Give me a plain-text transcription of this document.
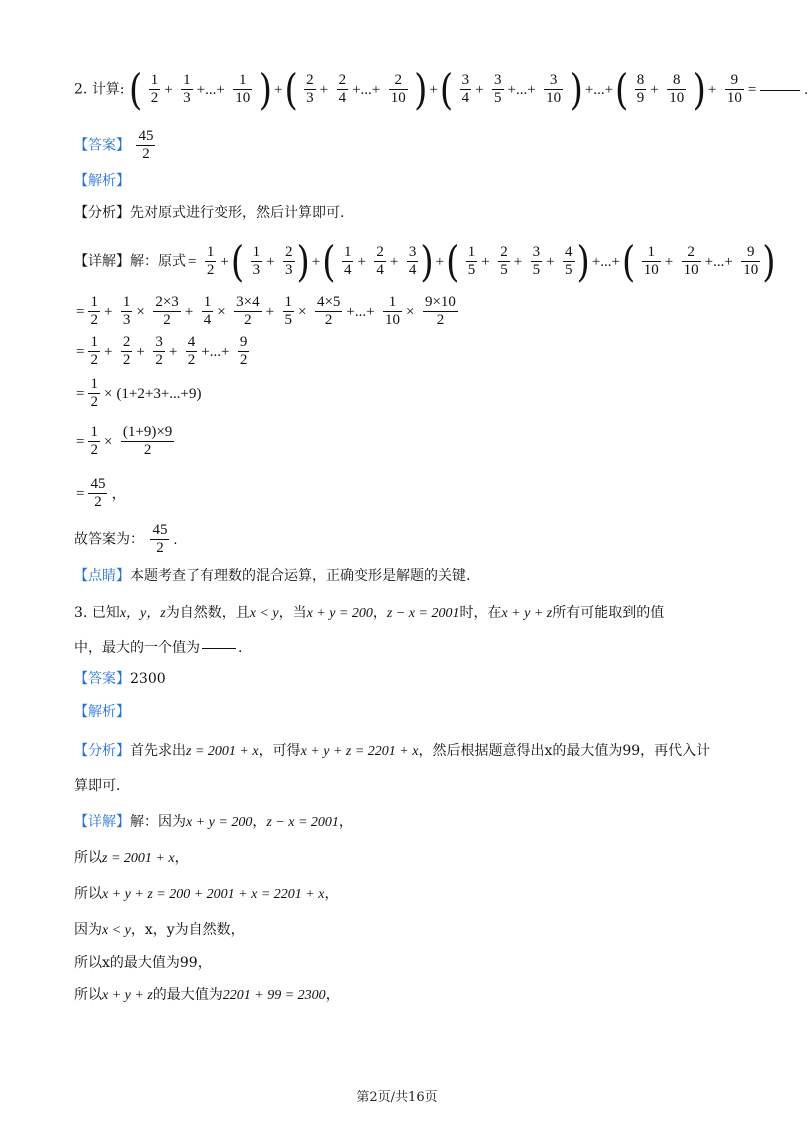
2. 计算: ( $\frac{1}{2} + \frac{1}{3}$ +...+ $\frac{1}{10}$ ) +( $\frac{2}{3} + \frac{2}{4}$ +...+ $\frac{2}{10}$ ) +( $\frac{3}{4} + \frac{3}{5}$ +...+ $\frac{3}{10}$ ) +...+( $\frac{8}{9} + \frac{8}{10}$ ) + $\frac{9}{10}$ =	.
【答案】 $\frac{45}{2}$
【解析】
【分析】先对原式进行变形，然后计算即可.
【详解】解：原式 = $\frac{1}{2}$ +( $\frac{1}{3} + \frac{2}{3}$ ) +( $\frac{1}{4} + \frac{2}{4} + \frac{3}{4}$ ) +( $\frac{1}{5} + \frac{2}{5} + \frac{3}{5} + \frac{4}{5}$ ) +...+( $\frac{1}{10} + \frac{2}{10}$ +...+ $\frac{9}{10}$ )
= $\frac{1}{2} + \frac{1}{3} \times \frac{2\times 3}{2} + \frac{1}{4} \times \frac{3\times 4}{2} + \frac{1}{5} \times \frac{4\times 5}{2}$ +...+ $\frac{1}{10} \times \frac{9\times 10}{2}$
= $\frac{1}{2} + \frac{2}{2} + \frac{3}{2} + \frac{4}{2}$ +...+ $\frac{9}{2}$
= $\frac{1}{2} \times (1+2+3+...+9)$
= $\frac{1}{2} \times \frac{(1+9)\times 9}{2}$
= $\frac{45}{2}$ ，
故答案为： $\frac{45}{2}$ .
【点睛】本题考查了有理数的混合运算，正确变形是解题的关键.
3. 已知x，y，z为自然数，且x < y，当x + y = 200，z − x = 2001时，在x + y + z所有可能取到的值
中，最大的一个值为	.
【答案】2300
【解析】
【分析】首先求出z = 2001 + x，可得x + y + z = 2201 + x，然后根据题意得出x的最大值为99，再代入计
算即可.
【详解】解：因为x + y = 200，z − x = 2001，
所以z = 2001 + x，
所以x + y + z = 200 + 2001 + x = 2201 + x，
因为x < y，x，y为自然数，
所以x的最大值为99，
所以x + y + z的最大值为2201 + 99 = 2300，
第2页/共16页
